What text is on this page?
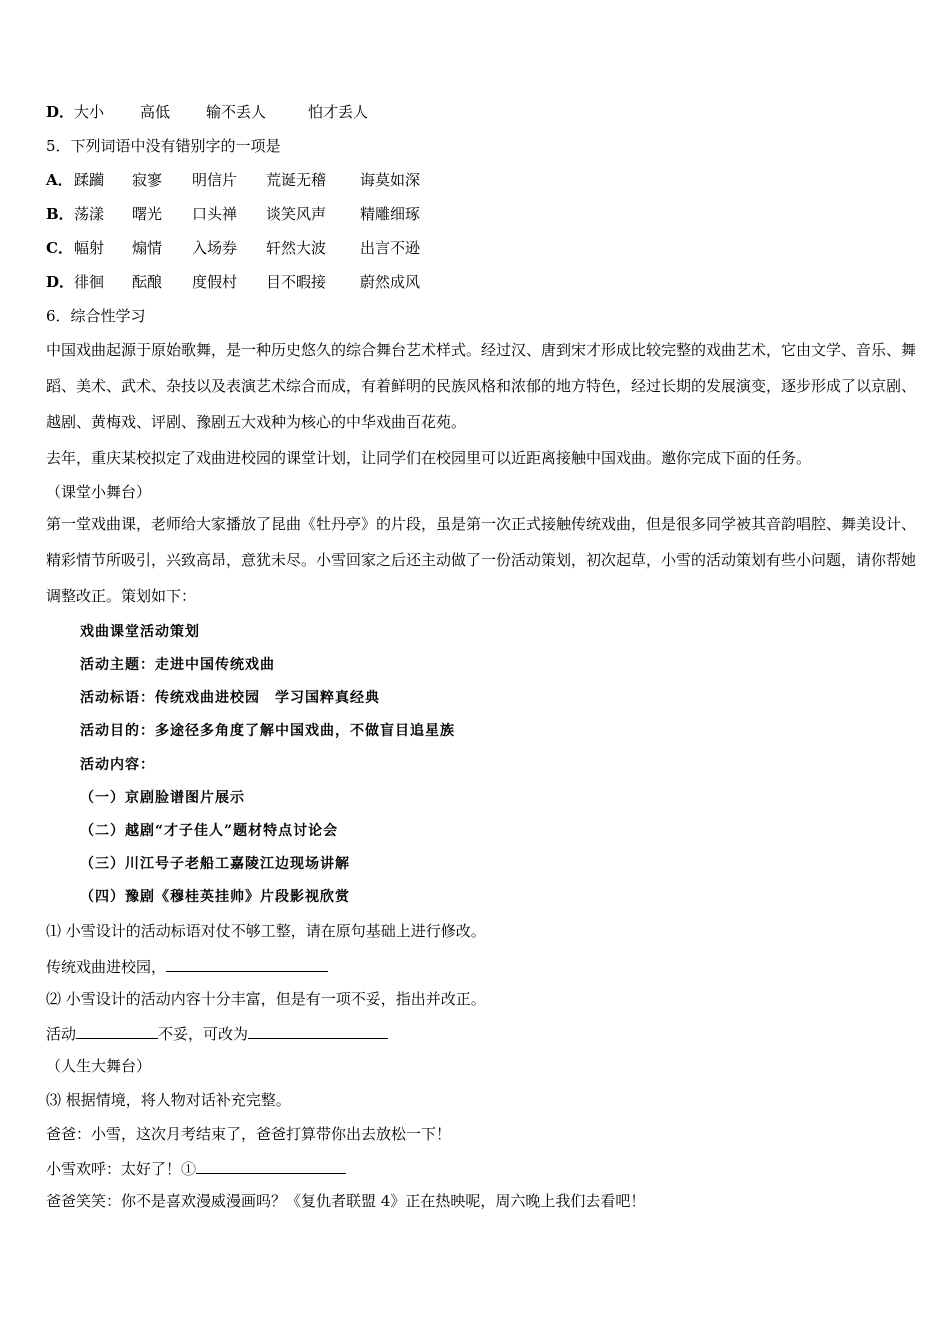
D．大小 高低 输不丢人	怕才丢人
5．下列词语中没有错别字的一项是
A．蹂躏 寂寥 明信片 荒诞无稽 诲莫如深
B．荡漾 曙光 口头禅 谈笑风声 精雕细琢
C．幅射 煽情 入场券 轩然大波 出言不逊
D．徘徊 酝酿 度假村 目不暇接 蔚然成风
6．综合性学习
中国戏曲起源于原始歌舞，是一种历史悠久的综合舞台艺术样式。经过汉、唐到宋才形成比较完整的戏曲艺术，它由文学、音乐、舞蹈、美术、武术、杂技以及表演艺术综合而成，有着鲜明的民族风格和浓郁的地方特色，经过长期的发展演变，逐步形成了以京剧、越剧、黄梅戏、评剧、豫剧五大戏种为核心的中华戏曲百花苑。
去年，重庆某校拟定了戏曲进校园的课堂计划，让同学们在校园里可以近距离接触中国戏曲。邀你完成下面的任务。
（课堂小舞台）
第一堂戏曲课，老师给大家播放了昆曲《牡丹亭》的片段，虽是第一次正式接触传统戏曲，但是很多同学被其音韵唱腔、舞美设计、精彩情节所吸引，兴致高昂，意犹未尽。小雪回家之后还主动做了一份活动策划，初次起草，小雪的活动策划有些小问题，请你帮她调整改正。策划如下：
戏曲课堂活动策划
活动主题：走进中国传统戏曲
活动标语：传统戏曲进校园　学习国粹真经典
活动目的：多途径多角度了解中国戏曲，不做盲目追星族
活动内容：
（一）京剧脸谱图片展示
（二）越剧“才子佳人”题材特点讨论会
（三）川江号子老船工嘉陵江边现场讲解
（四）豫剧《穆桂英挂帅》片段影视欣赏
⑴ 小雪设计的活动标语对仗不够工整，请在原句基础上进行修改。
传统戏曲进校园，
⑵ 小雪设计的活动内容十分丰富，但是有一项不妥，指出并改正。
活动	不妥，可改为
（人生大舞台）
⑶ 根据情境，将人物对话补充完整。
爸爸：小雪，这次月考结束了，爸爸打算带你出去放松一下！
小雪欢呼：太好了！①
爸爸笑笑：你不是喜欢漫威漫画吗？《复仇者联盟 4》正在热映呢，周六晚上我们去看吧！
